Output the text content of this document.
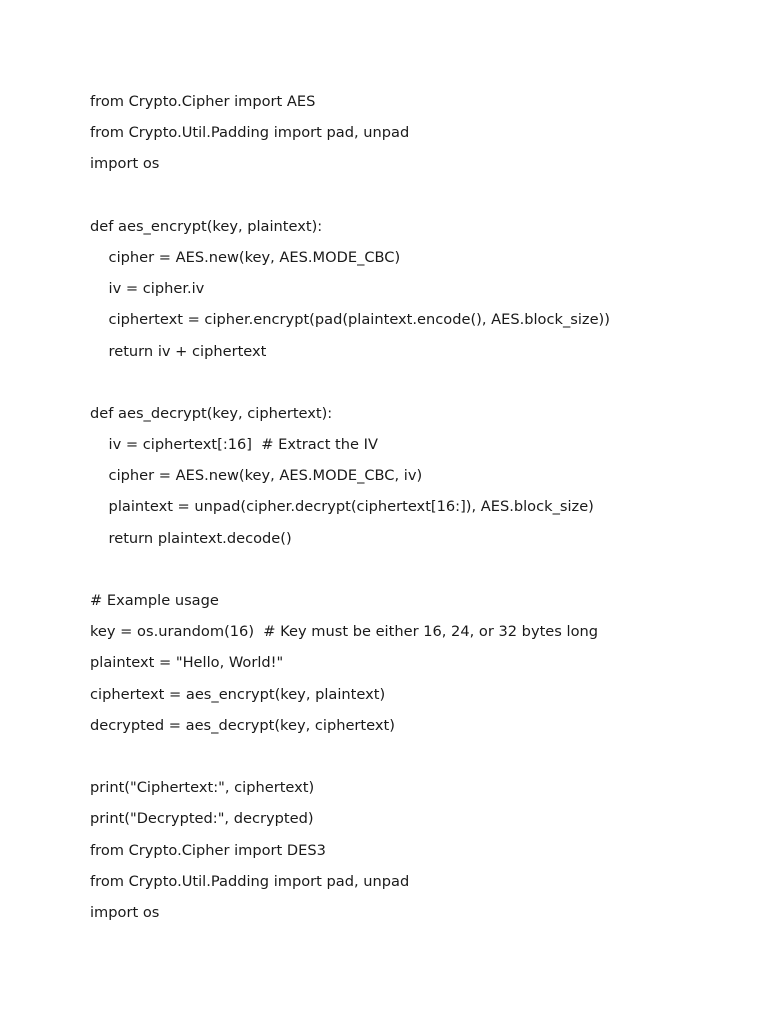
from Crypto.Cipher import AES
from Crypto.Util.Padding import pad, unpad
import os
def aes_encrypt(key, plaintext):
cipher = AES.new(key, AES.MODE_CBC)
iv = cipher.iv
ciphertext = cipher.encrypt(pad(plaintext.encode(), AES.block_size))
return iv + ciphertext
def aes_decrypt(key, ciphertext):
iv = ciphertext[:16]  # Extract the IV
cipher = AES.new(key, AES.MODE_CBC, iv)
plaintext = unpad(cipher.decrypt(ciphertext[16:]), AES.block_size)
return plaintext.decode()
# Example usage
key = os.urandom(16)  # Key must be either 16, 24, or 32 bytes long
plaintext = "Hello, World!"
ciphertext = aes_encrypt(key, plaintext)
decrypted = aes_decrypt(key, ciphertext)
print("Ciphertext:", ciphertext)
print("Decrypted:", decrypted)
from Crypto.Cipher import DES3
from Crypto.Util.Padding import pad, unpad
import os
